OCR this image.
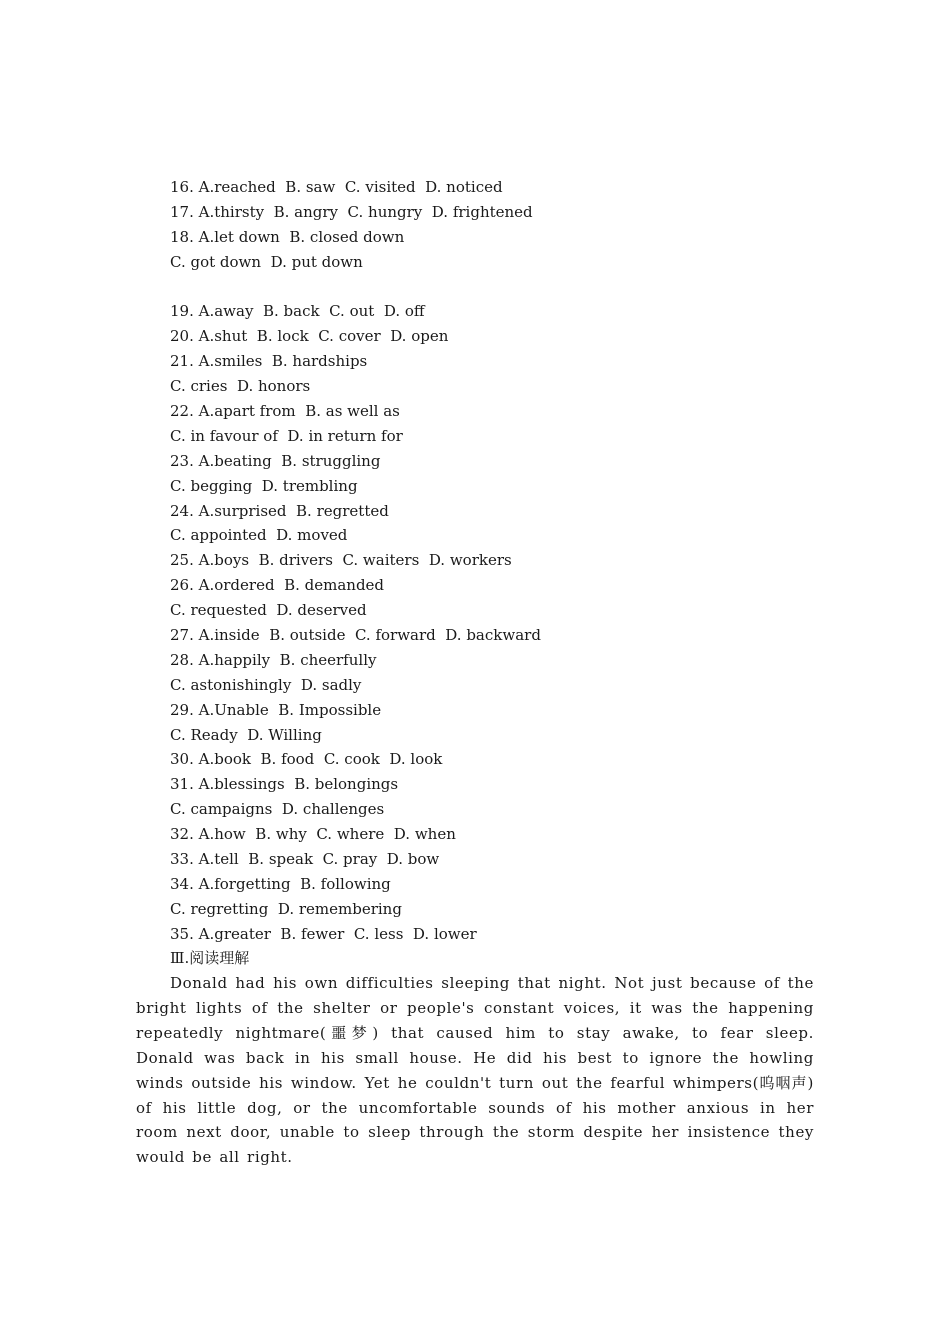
16. A.reached  B. saw  C. visited  D. noticed
17. A.thirsty  B. angry  C. hungry  D. frightened
18. A.let down  B. closed down
C. got down  D. put down
19. A.away  B. back  C. out  D. off
20. A.shut  B. lock  C. cover  D. open
21. A.smiles  B. hardships
C. cries  D. honors
22. A.apart from  B. as well as
C. in favour of  D. in return for
23. A.beating  B. struggling
C. begging  D. trembling
24. A.surprised  B. regretted
C. appointed  D. moved
25. A.boys  B. drivers  C. waiters  D. workers
26. A.ordered  B. demanded
C. requested  D. deserved
27. A.inside  B. outside  C. forward  D. backward
28. A.happily  B. cheerfully
C. astonishingly  D. sadly
29. A.Unable  B. Impossible
C. Ready  D. Willing
30. A.book  B. food  C. cook  D. look
31. A.blessings  B. belongings
C. campaigns  D. challenges
32. A.how  B. why  C. where  D. when
33. A.tell  B. speak  C. pray  D. bow
34. A.forgetting  B. following
C. regretting  D. remembering
35. A.greater  B. fewer  C. less  D. lower
Ⅲ.阅读理解
Donald had his own difficulties sleeping that night. Not just because of the bright lights of the shelter or people's constant voices, it was the happening repeatedly nightmare(噩梦) that caused him to stay awake, to fear sleep. Donald was back in his small house. He did his best to ignore the howling winds outside his window. Yet he couldn't turn out the fearful whimpers(呜咽声) of his little dog, or the uncomfortable sounds of his mother anxious in her room next door, unable to sleep through the storm despite her insistence they would be all right.
